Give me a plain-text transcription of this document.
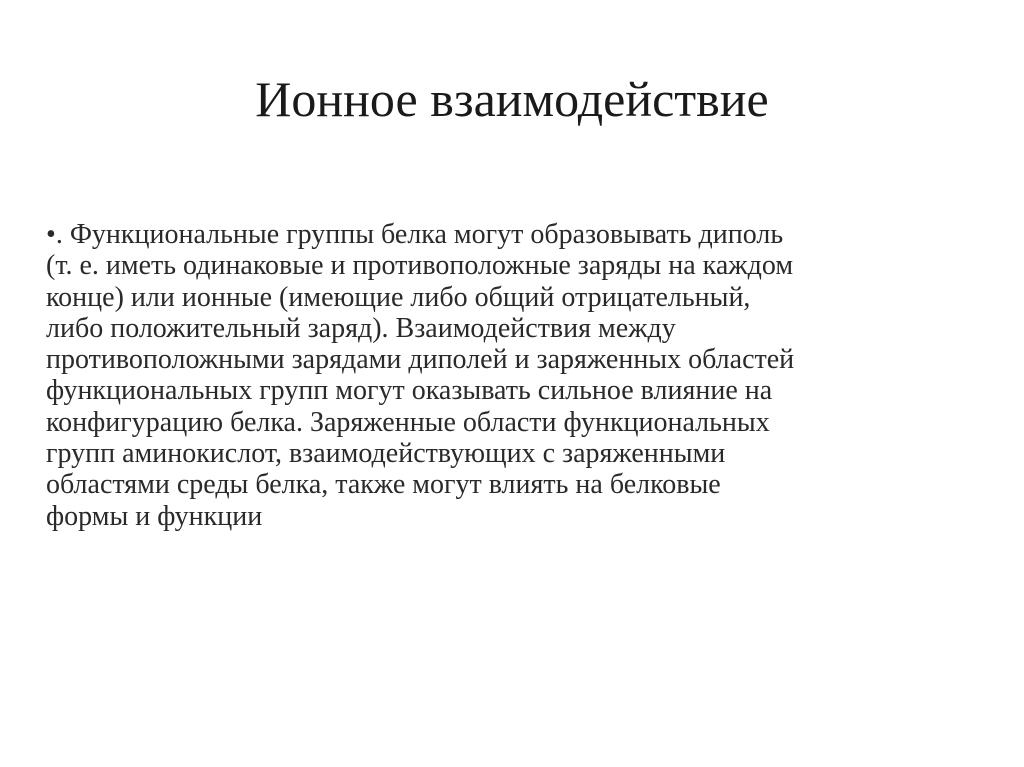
Ионное взаимодействие
•. Функциональные группы белка могут образовывать диполь
(т. е. иметь одинаковые и противоположные заряды на каждом
конце) или ионные (имеющие либо общий отрицательный,
либо положительный заряд). Взаимодействия между
противоположными зарядами диполей и заряженных областей
функциональных групп могут оказывать сильное влияние на
конфигурацию белка. Заряженные области функциональных
групп аминокислот, взаимодействующих с заряженными
областями среды белка, также могут влиять на белковые
формы и функции
